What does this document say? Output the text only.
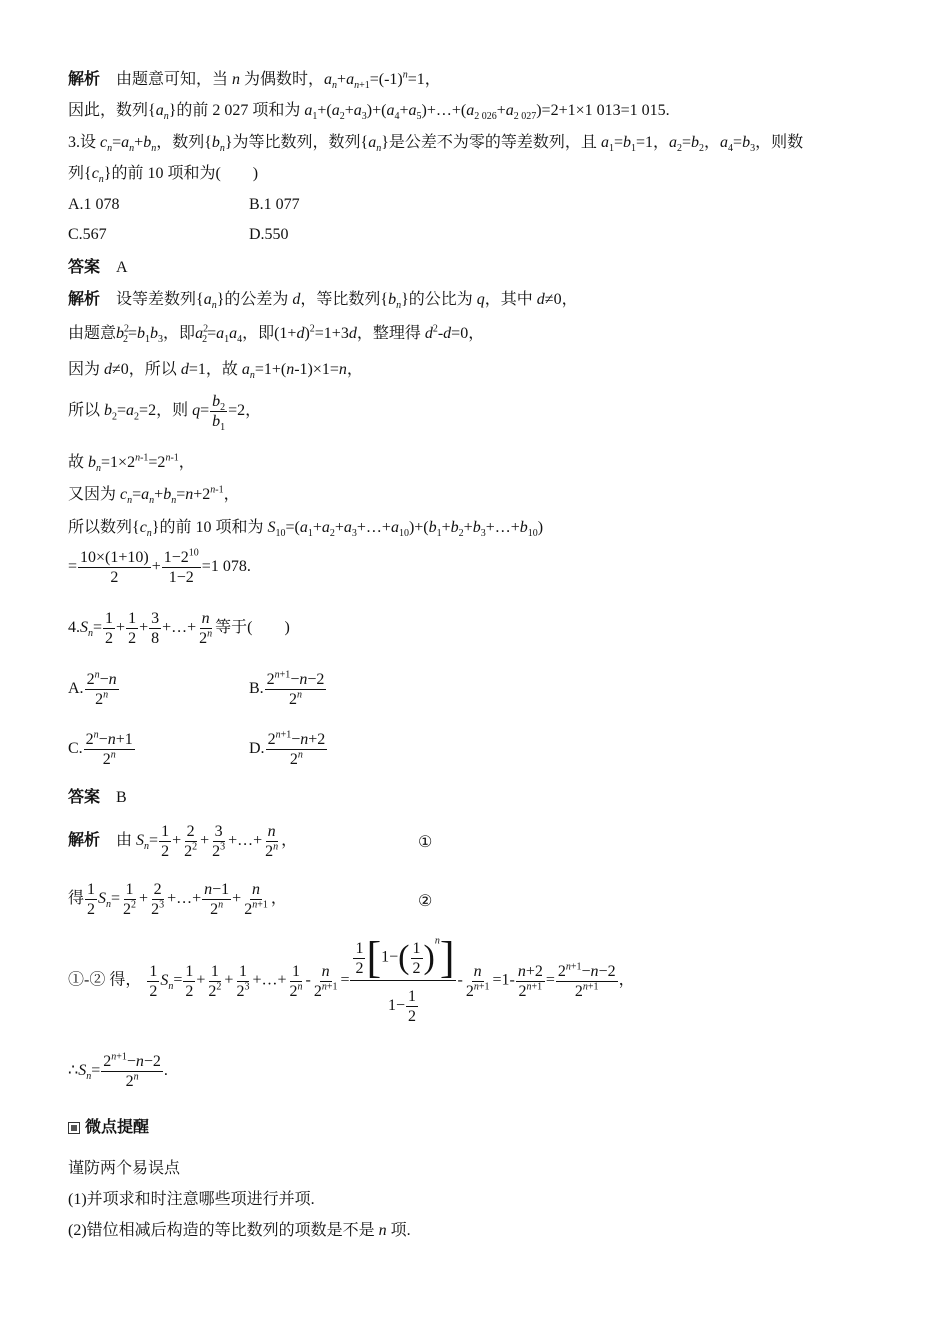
解析　由题意可知，当 n 为偶数时，$a_n+a_{n+1}=(-1)^n=1$，
因此，数列$\{a_n\}$的前 2 027 项和为 $a_1+(a_2+a_3)+(a_4+a_5)+\dots+(a_{2 026}+a_{2 027})=2+1\times 1$ 013=1 015.
3.设 $c_n=a_n+b_n$，数列$\{b_n\}$为等比数列，数列$\{a_n\}$是公差不为零的等差数列，且 $a_1=b_1=1$，$a_2=b_2$，$a_4=b_3$，则数
列$\{c_n\}$的前 10 项和为(　　)
A.1 078	B.1 077
C.567	D.550
答案　 A
解析　设等差数列$\{a_n\}$的公差为 d，等比数列$\{b_n\}$的公比为 q，其中 d≠0，
由题意$b^2_2=b_1b_3$，即$a^2_2=a_1a_4$，即$(1+d)^2=1+3d$，整理得 $d^2-d=0$，
因为 d≠0，所以 d=1，故 $a_n=1+(n-1)\times 1=n$，
所以 $b_2=a_2=2$，则 $q= \frac{b_2}{b_1} =2$，
故 $b_n=1\times 2^{n-1}=2^{n-1}$，
又因为 $c_n=a_n+b_n=n+2^{n-1}$，
所以数列$\{c_n\}$的前 10 项和为 $S_{10}=(a_1+a_2+a_3+\dots+a_{10})+(b_1+b_2+b_3+\dots+b_{10})$
= $\frac{10\times(1+10)}{2} + \frac{1-2^{10}}{1-2} =1$ 078.
$4.S_n= \frac{1}{2} + \frac{1}{2} + \frac{3}{8}$ +…+ $\frac{n}{2^n}$ 等于(　　)
A. $\frac{2^n-n}{2^n}$	B. $\frac{2^{n+1}-n-2}{2^n}$
C. $\frac{2^n-n+1}{2^n}$	D. $\frac{2^{n+1}-n+2}{2^n}$
答案　 B
解析　由 $S_n= \frac{1}{2} + \frac{2}{2^2} + \frac{3}{2^3}$ +…+ $\frac{n}{2^n}$ ，	①
得 $\frac{1}{2} S_n= \frac{1}{2^2} + \frac{2}{2^3}$ +…+ $\frac{n-1}{2^n} + \frac{n}{2^{n+1}}$ ，	②
①-② 得， $\frac{1}{2} S_n= \frac{1}{2} + \frac{1}{2^2} + \frac{1}{2^3}$ +…+ $\frac{1}{2^n} - \frac{n}{2^{n+1}} = \frac{\frac{1}{2} [1-( \frac{1}{2} )^n]}{1- \frac{1}{2}} - \frac{n}{2^{n+1}} =1- \frac{n+2}{2^{n+1}} = \frac{2^{n+1}-n-2}{2^{n+1}}$ ，
$\therefore S_n= \frac{2^{n+1}-n-2}{2^n}$ .
微点提醒
谨防两个易误点
(1)并项求和时注意哪些项进行并项.
(2)错位相减后构造的等比数列的项数是不是 n 项.
